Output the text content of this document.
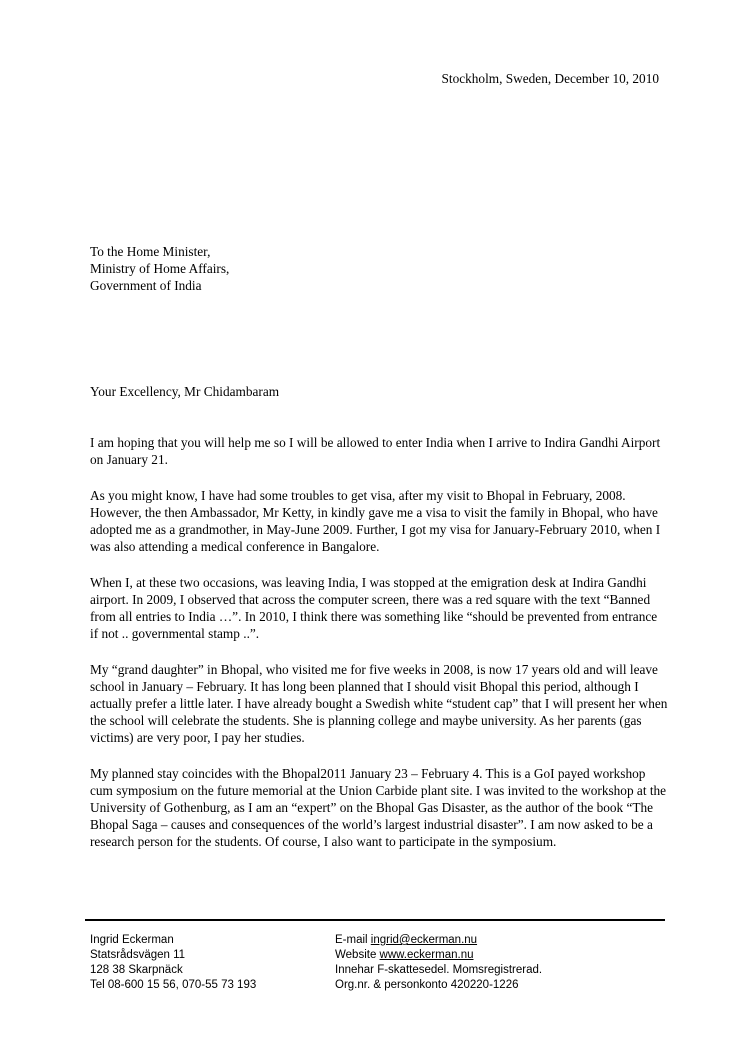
Stockholm, Sweden, December 10, 2010
To the Home Minister,
Ministry of Home Affairs,
Government of India
Your Excellency, Mr Chidambaram

I am hoping that you will help me so I will be allowed to enter India when I arrive to Indira Gandhi Airport on January 21.

As you might know, I have had some troubles to get visa, after my visit to Bhopal in February, 2008. However, the then Ambassador, Mr Ketty, in kindly gave me a visa to visit the family in Bhopal, who have adopted me as a grandmother, in May-June 2009. Further, I got my visa for January-February 2010, when I was also attending a medical conference in Bangalore.

When I, at these two occasions, was leaving India, I was stopped at the emigration desk at Indira Gandhi airport. In 2009, I observed that across the computer screen, there was a red square with the text “Banned from all entries to India …”. In 2010, I think there was something like “should be prevented from entrance if not .. governmental stamp ..”.

My “grand daughter” in Bhopal, who visited me for five weeks in 2008, is now 17 years old and will leave school in January – February. It has long been planned that I should visit Bhopal this period, although I actually prefer a little later. I have already bought a Swedish white “student cap” that I will present her when the school will celebrate the students. She is planning college and maybe university. As her parents (gas victims) are very poor, I pay her studies.

My planned stay coincides with the Bhopal2011 January 23 – February 4. This is a GoI payed workshop cum symposium on the future memorial at the Union Carbide plant site. I was invited to the workshop at the University of Gothenburg, as I am an “expert” on the Bhopal Gas Disaster, as the author of the book “The Bhopal Saga – causes and consequences of the world’s largest industrial disaster”. I am now asked to be a research person for the students. Of course, I also want to participate in the symposium.

Ingrid Eckerman
Statsrådsvägen 11
128 38 Skarpnäck
Tel 08-600 15 56, 070-55 73 193
E-mail ingrid@eckerman.nu
Website www.eckerman.nu
Innehar F-skattesedel. Momsregistrerad.
Org.nr. & personkonto 420220-1226
